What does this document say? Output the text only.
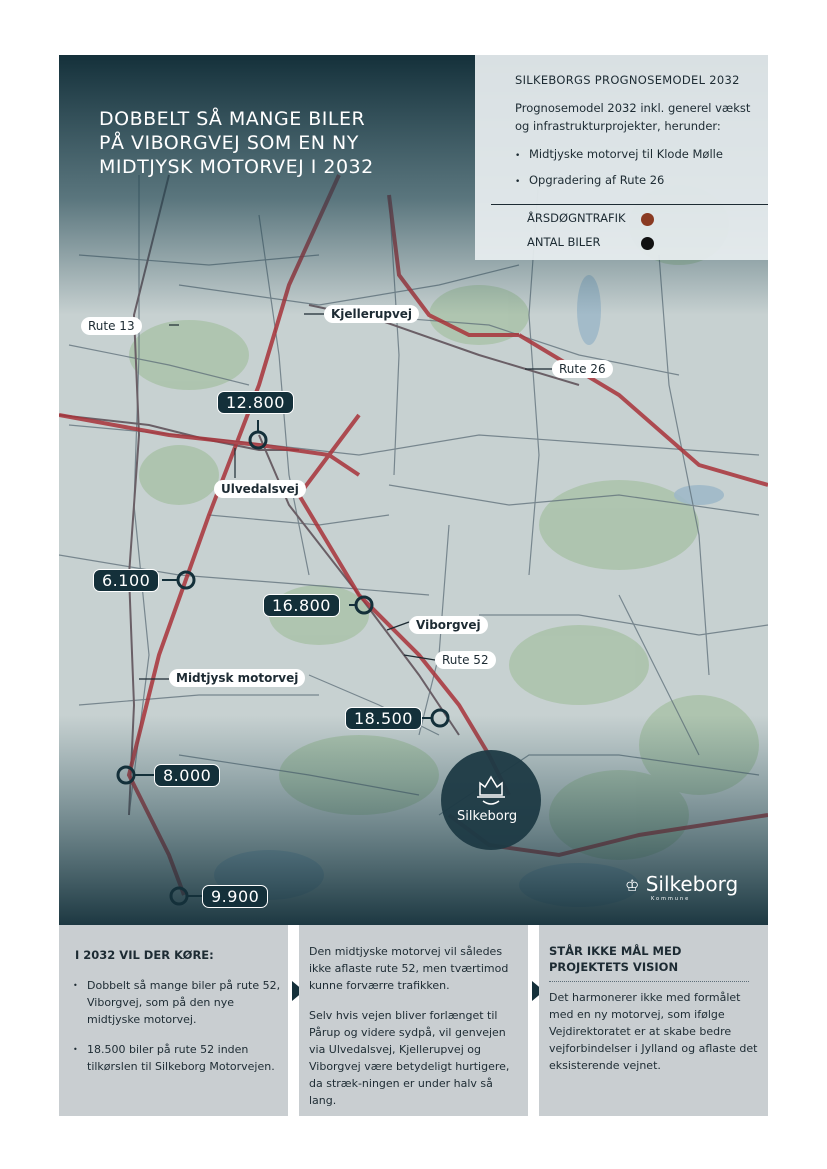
DOBBELT SÅ MANGE BILER
PÅ VIBORGVEJ SOM EN NY
MIDTJYSK MOTORVEJ I 2032
SILKEBORGS PROGNOSEMODEL 2032
Prognosemodel 2032 inkl. generel vækst og infrastrukturprojekter, herunder:
• Midtjyske motorvej til Klode Mølle
• Opgradering af Rute 26
ÅRSDØGNTRAFIK
ANTAL BILER
Rute 13
Kjellerupvej
Rute 26
Ulvedalsvej
Viborgvej
Rute 52
Midtjysk motorvej
12.800
6.100
16.800
18.500
8.000
9.900
Silkeborg
♔ Silkeborg
Kommune
I 2032 VIL DER KØRE:
• Dobbelt så mange biler på rute 52, Viborgvej, som på den nye midtjyske motorvej.
• 18.500 biler på rute 52 inden tilkørslen til Silkeborg Motorvejen.
Den midtjyske motorvej vil således ikke aflaste rute 52, men tværtimod kunne forværre trafikken.
Selv hvis vejen bliver forlænget til Pårup og videre sydpå, vil genvejen via Ulvedalsvej, Kjellerupvej og Viborgvej være betydeligt hurtigere, da stræk-ningen er under halv så lang.
STÅR IKKE MÅL MED PROJEKTETS VISION
Det harmonerer ikke med formålet med en ny motorvej, som ifølge Vejdirektoratet er at skabe bedre vejforbindelser i Jylland og aflaste det eksisterende vejnet.
